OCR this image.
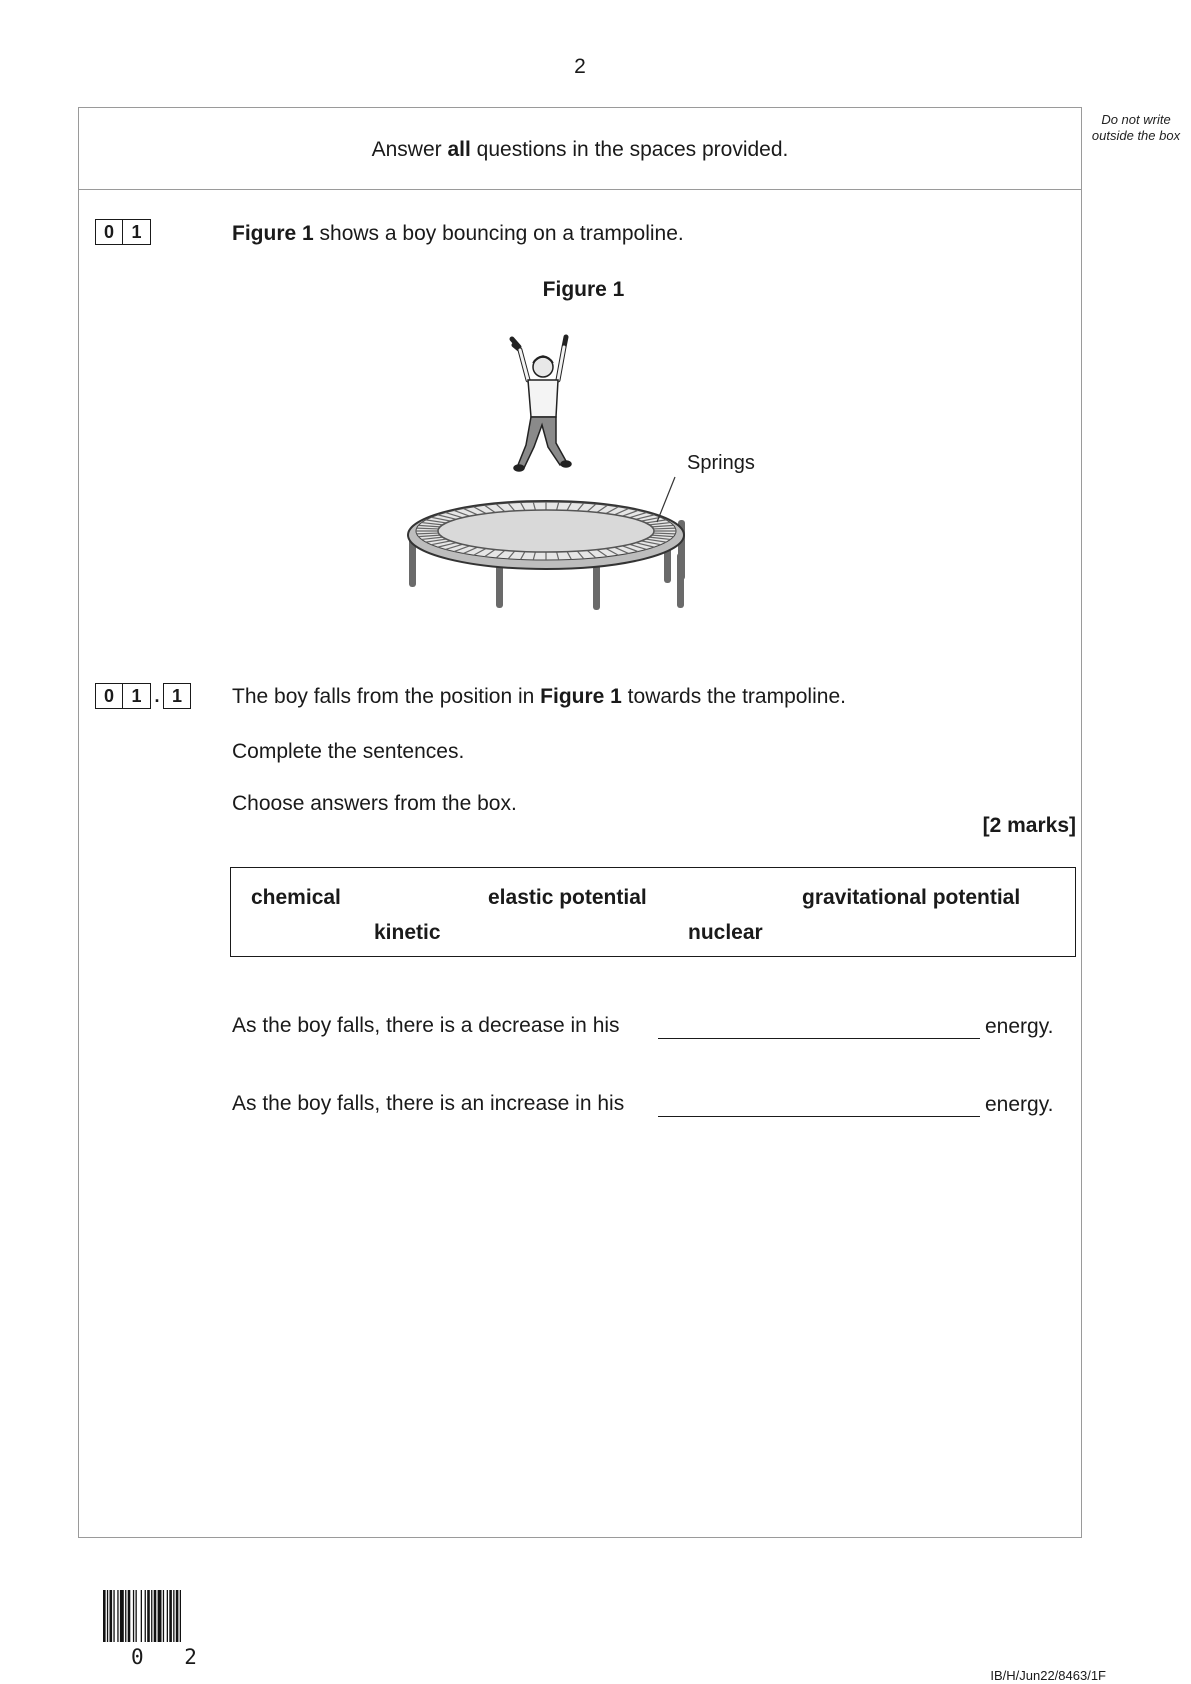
2
Do not write outside the box
Answer all questions in the spaces provided.
0 1	Figure 1 shows a boy bouncing on a trampoline.
Figure 1
Springs
0 1 . 1	The boy falls from the position in Figure 1 towards the trampoline.
Complete the sentences.
Choose answers from the box.
[2 marks]
chemical	elastic potential	gravitational potential
kinetic	nuclear
As the boy falls, there is a decrease in his	energy.
As the boy falls, there is an increase in his	energy.
0 2
IB/H/Jun22/8463/1F
